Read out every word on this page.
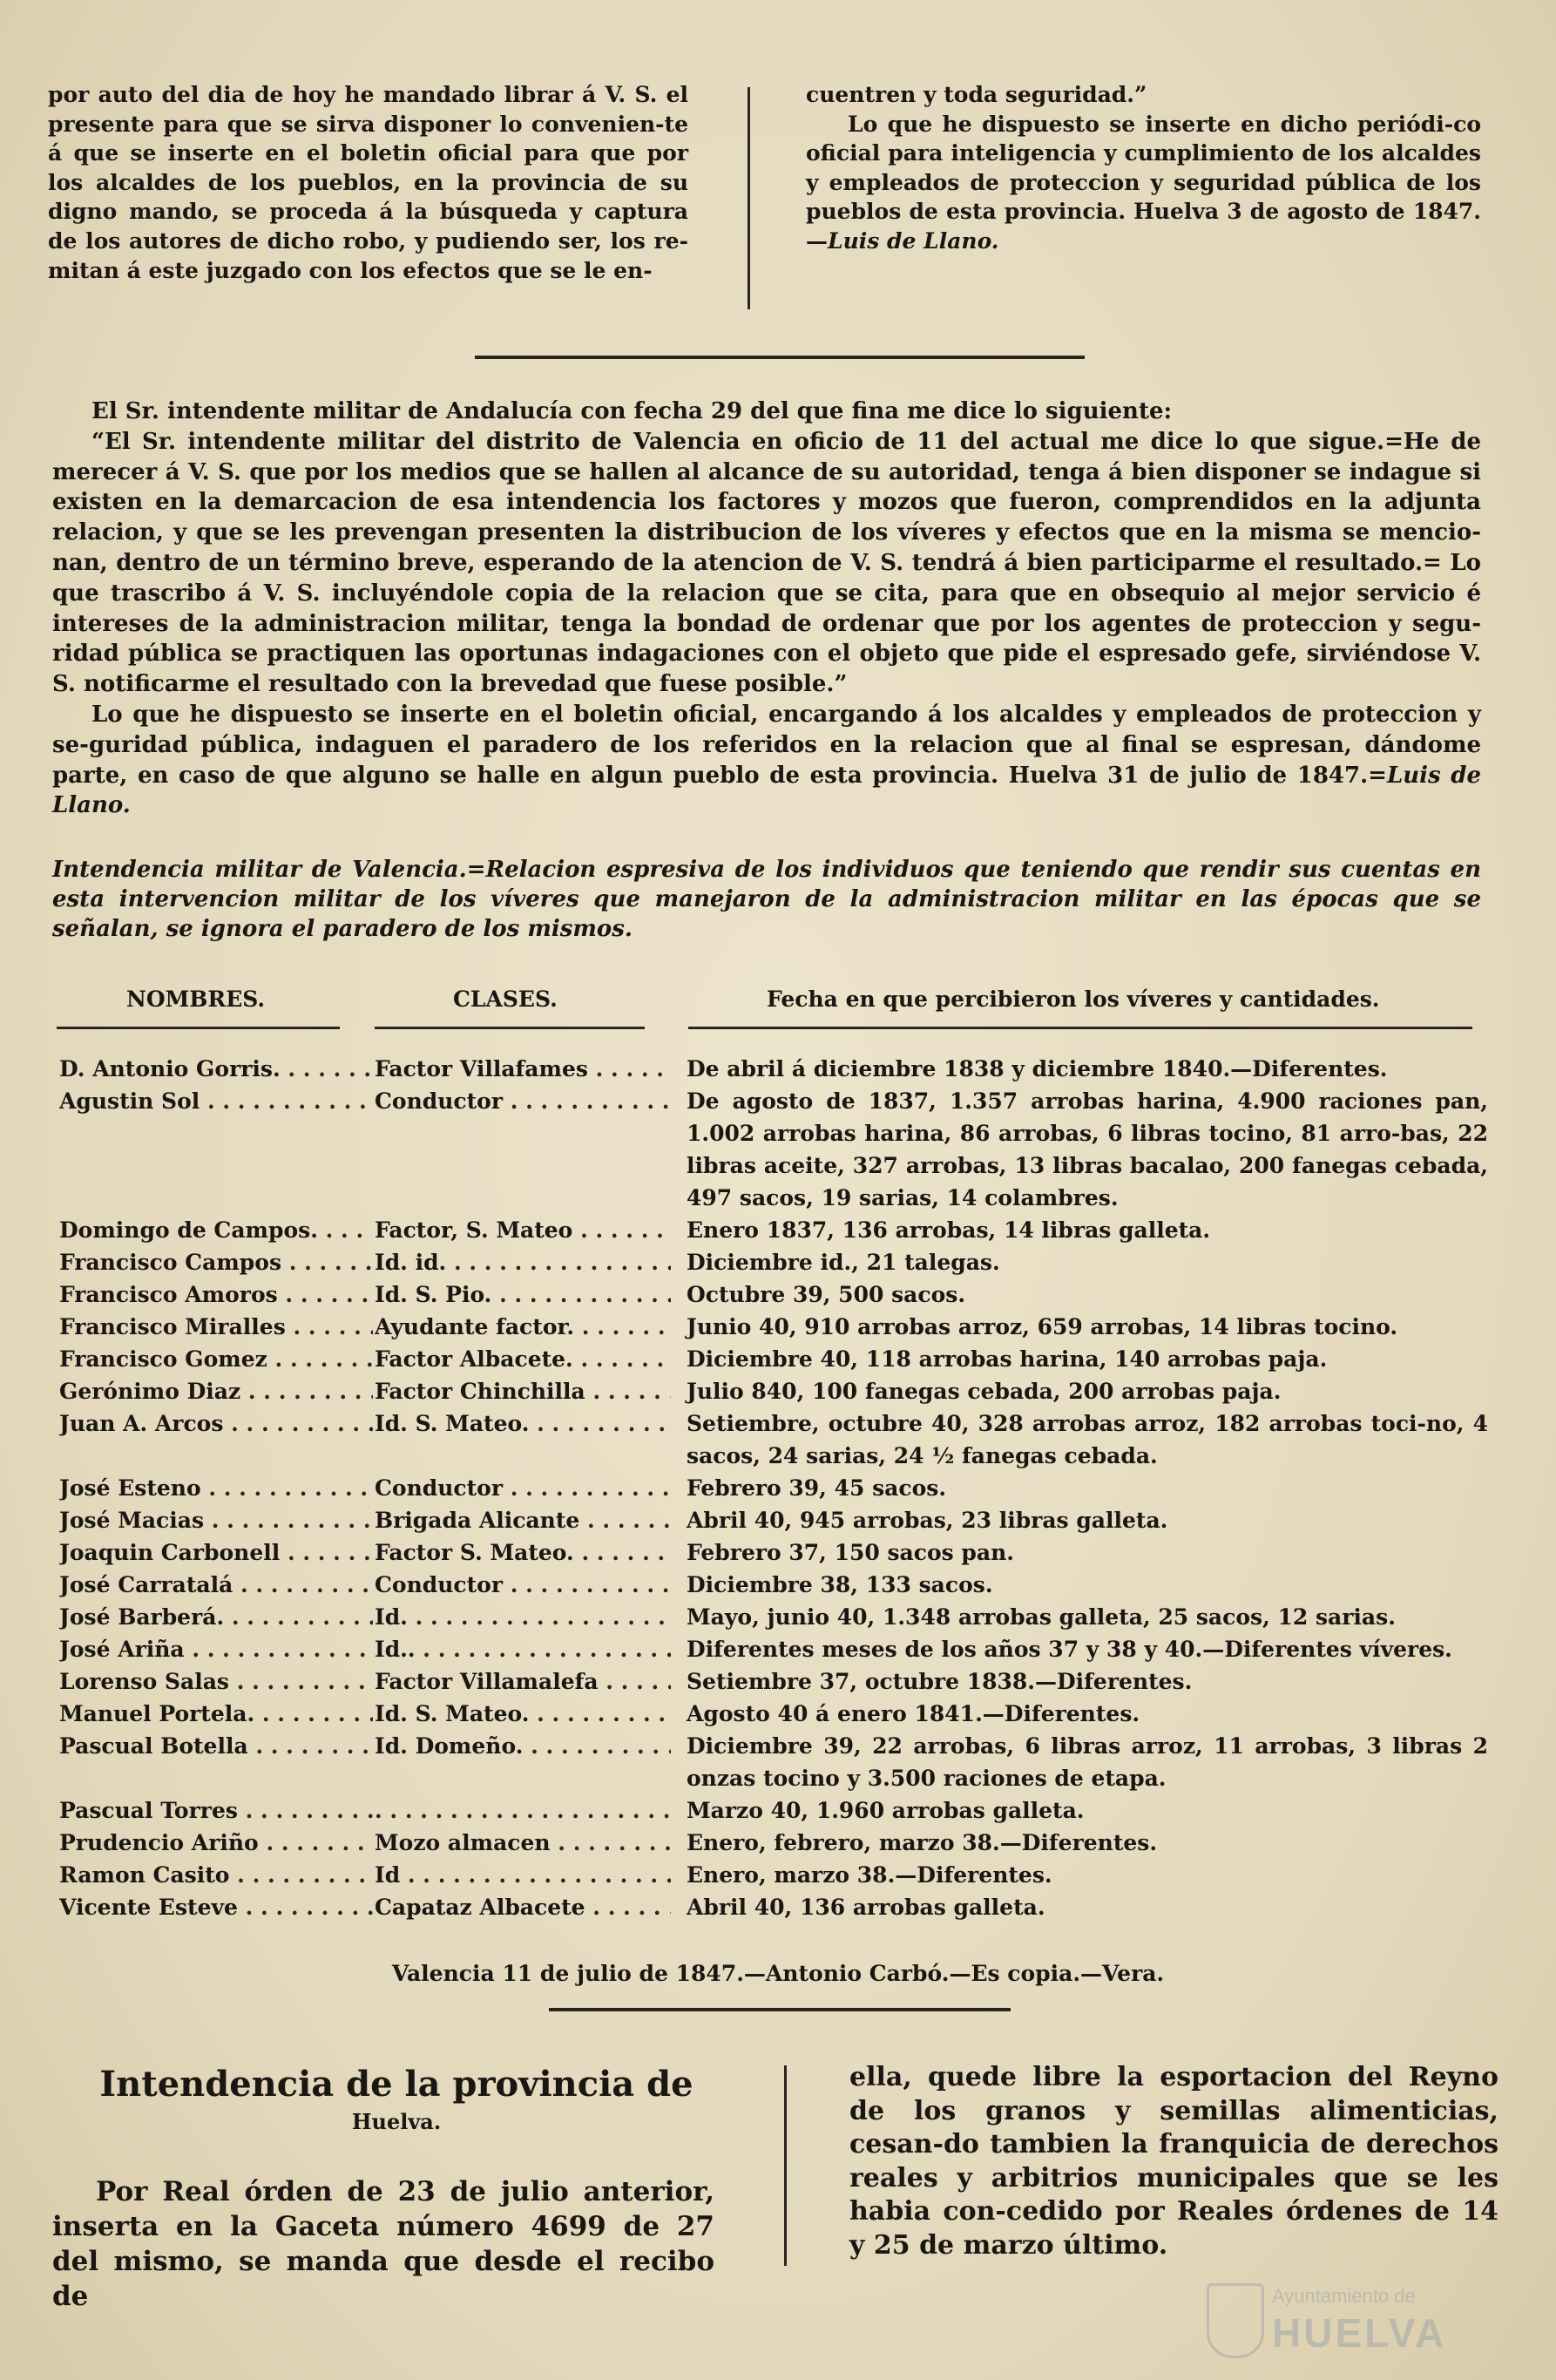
por auto del dia de hoy he mandado librar á V. S. el presente para que se sirva disponer lo convenien-te á que se inserte en el boletin oficial para que por los alcaldes de los pueblos, en la provincia de su digno mando, se proceda á la búsqueda y captura de los autores de dicho robo, y pudiendo ser, los re-mitan á este juzgado con los efectos que se le en-

cuentren y toda seguridad.”

Lo que he dispuesto se inserte en dicho periódi-co oficial para inteligencia y cumplimiento de los alcaldes y empleados de proteccion y seguridad pública de los pueblos de esta provincia. Huelva 3 de agosto de 1847.—Luis de Llano.

El Sr. intendente militar de Andalucía con fecha 29 del que fina me dice lo siguiente:

“El Sr. intendente militar del distrito de Valencia en oficio de 11 del actual me dice lo que sigue.=He de merecer á V. S. que por los medios que se hallen al alcance de su autoridad, tenga á bien disponer se indague si existen en la demarcacion de esa intendencia los factores y mozos que fueron, comprendidos en la adjunta relacion, y que se les prevengan presenten la distribucion de los víveres y efectos que en la misma se mencio-nan, dentro de un término breve, esperando de la atencion de V. S. tendrá á bien participarme el resultado.= Lo que trascribo á V. S. incluyéndole copia de la relacion que se cita, para que en obsequio al mejor servicio é intereses de la administracion militar, tenga la bondad de ordenar que por los agentes de proteccion y segu-ridad pública se practiquen las oportunas indagaciones con el objeto que pide el espresado gefe, sirviéndose V. S. notificarme el resultado con la brevedad que fuese posible.”

Lo que he dispuesto se inserte en el boletin oficial, encargando á los alcaldes y empleados de proteccion y se-guridad pública, indaguen el paradero de los referidos en la relacion que al final se espresan, dándome parte, en caso de que alguno se halle en algun pueblo de esta provincia. Huelva 31 de julio de 1847.=Luis de Llano.

Intendencia militar de Valencia.=Relacion espresiva de los individuos que teniendo que rendir sus cuentas en esta intervencion militar de los víveres que manejaron de la administracion militar en las épocas que se señalan, se ignora el paradero de los mismos.
NOMBRES.	CLASES.	Fecha en que percibieron los víveres y cantidades.
D. Antonio Gorris. . . .	Factor Villafames . . .	De abril á diciembre 1838 y diciembre 1840.—Diferentes.
Agustin Sol . . .	Conductor . . .	De agosto de 1837, 1.357 arrobas harina, 4.900 raciones pan, 1.002 arrobas harina, 86 arrobas, 6 libras tocino, 81 arro-bas, 22 libras aceite, 327 arrobas, 13 libras bacalao, 200 fanegas cebada, 497 sacos, 19 sarias, 14 colambres.
Domingo de Campos. . . .	Factor, S. Mateo . . .	Enero 1837, 136 arrobas, 14 libras galleta.
Francisco Campos . . .	Id. id. . . .	Diciembre id., 21 talegas.
Francisco Amoros . . .	Id. S. Pio. . . .	Octubre 39, 500 sacos.
Francisco Miralles . . .	Ayudante factor. . . .	Junio 40, 910 arrobas arroz, 659 arrobas, 14 libras tocino.
Francisco Gomez . . .	Factor Albacete. . . .	Diciembre 40, 118 arrobas harina, 140 arrobas paja.
Gerónimo Diaz . . .	Factor Chinchilla . . .	Julio 840, 100 fanegas cebada, 200 arrobas paja.
Juan A. Arcos . . .	Id. S. Mateo. . . .	Setiembre, octubre 40, 328 arrobas arroz, 182 arrobas toci-no, 4 sacos, 24 sarias, 24 ½ fanegas cebada.
José Esteno . . .	Conductor . . .	Febrero 39, 45 sacos.
José Macias . . .	Brigada Alicante . . .	Abril 40, 945 arrobas, 23 libras galleta.
Joaquin Carbonell . . .	Factor S. Mateo. . . .	Febrero 37, 150 sacos pan.
José Carratalá . . .	Conductor . . .	Diciembre 38, 133 sacos.
José Barberá. . . .	Id. . . .	Mayo, junio 40, 1.348 arrobas galleta, 25 sacos, 12 sarias.
José Ariña . . .	Id.. . . .	Diferentes meses de los años 37 y 38 y 40.—Diferentes víveres.
Lorenso Salas . . .	Factor Villamalefa . . .	Setiembre 37, octubre 1838.—Diferentes.
Manuel Portela. . . .	Id. S. Mateo. . . .	Agosto 40 á enero 1841.—Diferentes.
Pascual Botella . . .	Id. Domeño. . . .	Diciembre 39, 22 arrobas, 6 libras arroz, 11 arrobas, 3 libras 2 onzas tocino y 3.500 raciones de etapa.
Pascual Torres . . .
. . .	Marzo 40, 1.960 arrobas galleta.
Prudencio Ariño . . .	Mozo almacen . . .	Enero, febrero, marzo 38.—Diferentes.
Ramon Casito . . .	Id . . .	Enero, marzo 38.—Diferentes.
Vicente Esteve . . .	Capataz Albacete . . .	Abril 40, 136 arrobas galleta.
Valencia 11 de julio de 1847.—Antonio Carbó.—Es copia.—Vera.
Intendencia de la provincia de
Huelva.
Por Real órden de 23 de julio anterior, inserta en la Gaceta número 4699 de 27 del mismo, se manda que desde el recibo de
ella, quede libre la esportacion del Reyno de los granos y semillas alimenticias, cesan-do tambien la franquicia de derechos reales y arbitrios municipales que se les habia con-cedido por Reales órdenes de 14 y 25 de marzo último.
Ayuntamiento de
HUELVA
